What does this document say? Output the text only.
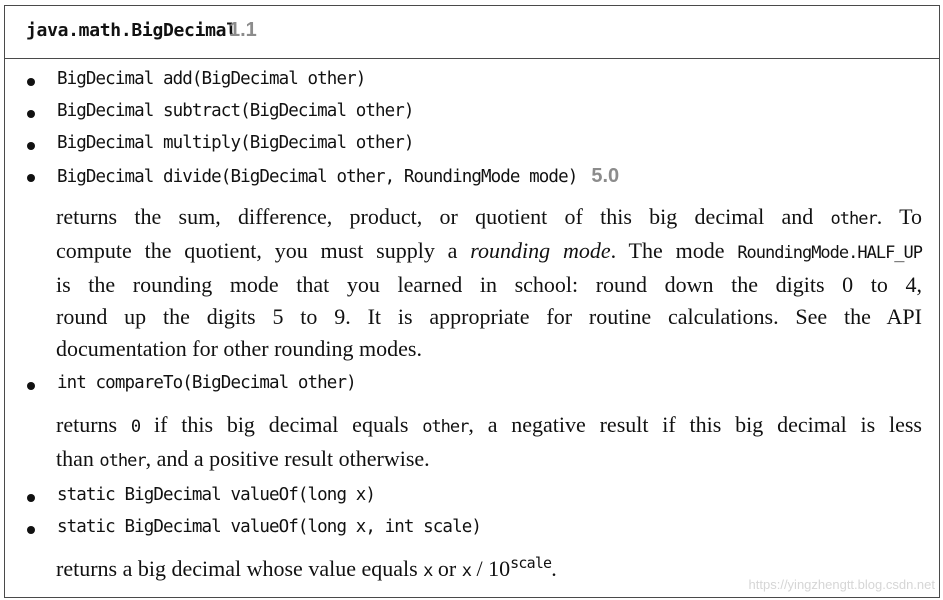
java.math.BigDecimal
1.1
BigDecimal add(BigDecimal other)
BigDecimal subtract(BigDecimal other)
BigDecimal multiply(BigDecimal other)
BigDecimal divide(BigDecimal other, RoundingMode mode) 5.0
returns the sum, difference, product, or quotient of this big decimal and other. To
compute the quotient, you must supply a rounding mode. The mode RoundingMode.HALF_UP
is the rounding mode that you learned in school: round down the digits 0 to 4,
round up the digits 5 to 9. It is appropriate for routine calculations. See the API
documentation for other rounding modes.
int compareTo(BigDecimal other)
returns 0 if this big decimal equals other, a negative result if this big decimal is less
than other, and a positive result otherwise.
static BigDecimal valueOf(long x)
static BigDecimal valueOf(long x, int scale)
returns a big decimal whose value equals x or x / $10^{scale}$.
https://yingzhengtt.blog.csdn.net
